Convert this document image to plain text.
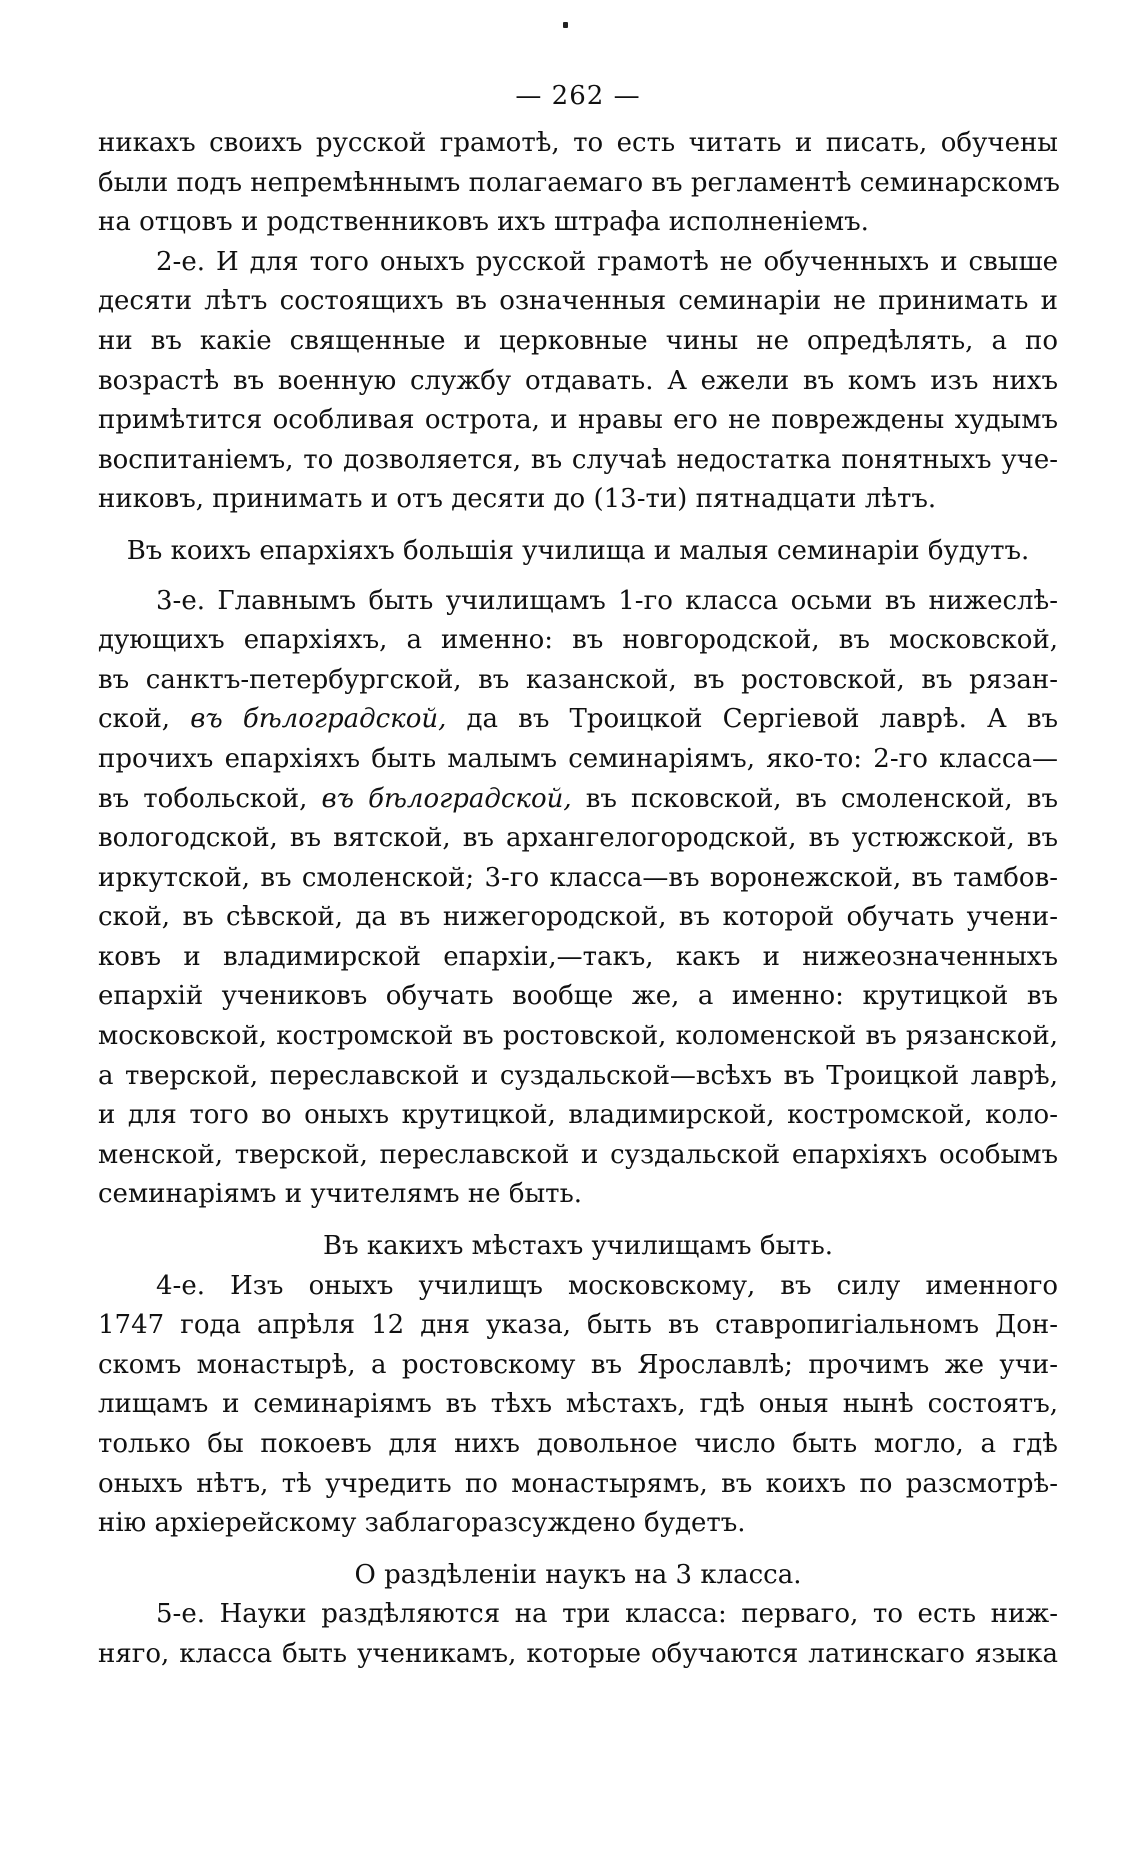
— 262 —
никахъ своихъ русской грамотѣ, то есть читать и писать, обучены
были подъ непремѣннымъ полагаемаго въ регламентѣ семинарскомъ
на отцовъ и родственниковъ ихъ штрафа исполненіемъ.
2-е. И для того оныхъ русской грамотѣ не обученныхъ и свыше
десяти лѣтъ состоящихъ въ означенныя семинаріи не принимать и
ни въ какіе священные и церковные чины не опредѣлять, а по
возрастѣ въ военную службу отдавать. А ежели въ комъ изъ нихъ
примѣтится особливая острота, и нравы его не повреждены худымъ
воспитаніемъ, то дозволяется, въ случаѣ недостатка понятныхъ уче-
никовъ, принимать и отъ десяти до (13-ти) пятнадцати лѣтъ.
Въ коихъ епархіяхъ большія училища и малыя семинаріи будутъ.
3-е. Главнымъ быть училищамъ 1-го класса осьми въ нижеслѣ-
дующихъ епархіяхъ, а именно: въ новгородской, въ московской,
въ санктъ-петербургской, въ казанской, въ ростовской, въ рязан-
ской, въ бѣлоградской, да въ Троицкой Сергіевой лаврѣ. А въ
прочихъ епархіяхъ быть малымъ семинаріямъ, яко-то: 2-го класса—
въ тобольской, въ бѣлоградской, въ псковской, въ смоленской, въ
вологодской, въ вятской, въ архангелогородской, въ устюжской, въ
иркутской, въ смоленской; 3-го класса—въ воронежской, въ тамбов-
ской, въ сѣвской, да въ нижегородской, въ которой обучать учени-
ковъ и владимирской епархіи,—такъ, какъ и нижеозначенныхъ
епархій учениковъ обучать вообще же, а именно: крутицкой въ
московской, костромской въ ростовской, коломенской въ рязанской,
а тверской, переславской и суздальской—всѣхъ въ Троицкой лаврѣ,
и для того во оныхъ крутицкой, владимирской, костромской, коло-
менской, тверской, переславской и суздальской епархіяхъ особымъ
семинаріямъ и учителямъ не быть.
Въ какихъ мѣстахъ училищамъ быть.
4-е. Изъ оныхъ училищъ московскому, въ силу именного
1747 года апрѣля 12 дня указа, быть въ ставропигіальномъ Дон-
скомъ монастырѣ, а ростовскому въ Ярославлѣ; прочимъ же учи-
лищамъ и семинаріямъ въ тѣхъ мѣстахъ, гдѣ оныя нынѣ состоятъ,
только бы покоевъ для нихъ довольное число быть могло, а гдѣ
оныхъ нѣтъ, тѣ учредить по монастырямъ, въ коихъ по разсмотрѣ-
нію архіерейскому заблагоразсуждено будетъ.
О раздѣленіи наукъ на 3 класса.
5-е. Науки раздѣляются на три класса: перваго, то есть ниж-
няго, класса быть ученикамъ, которые обучаются латинскаго языка
